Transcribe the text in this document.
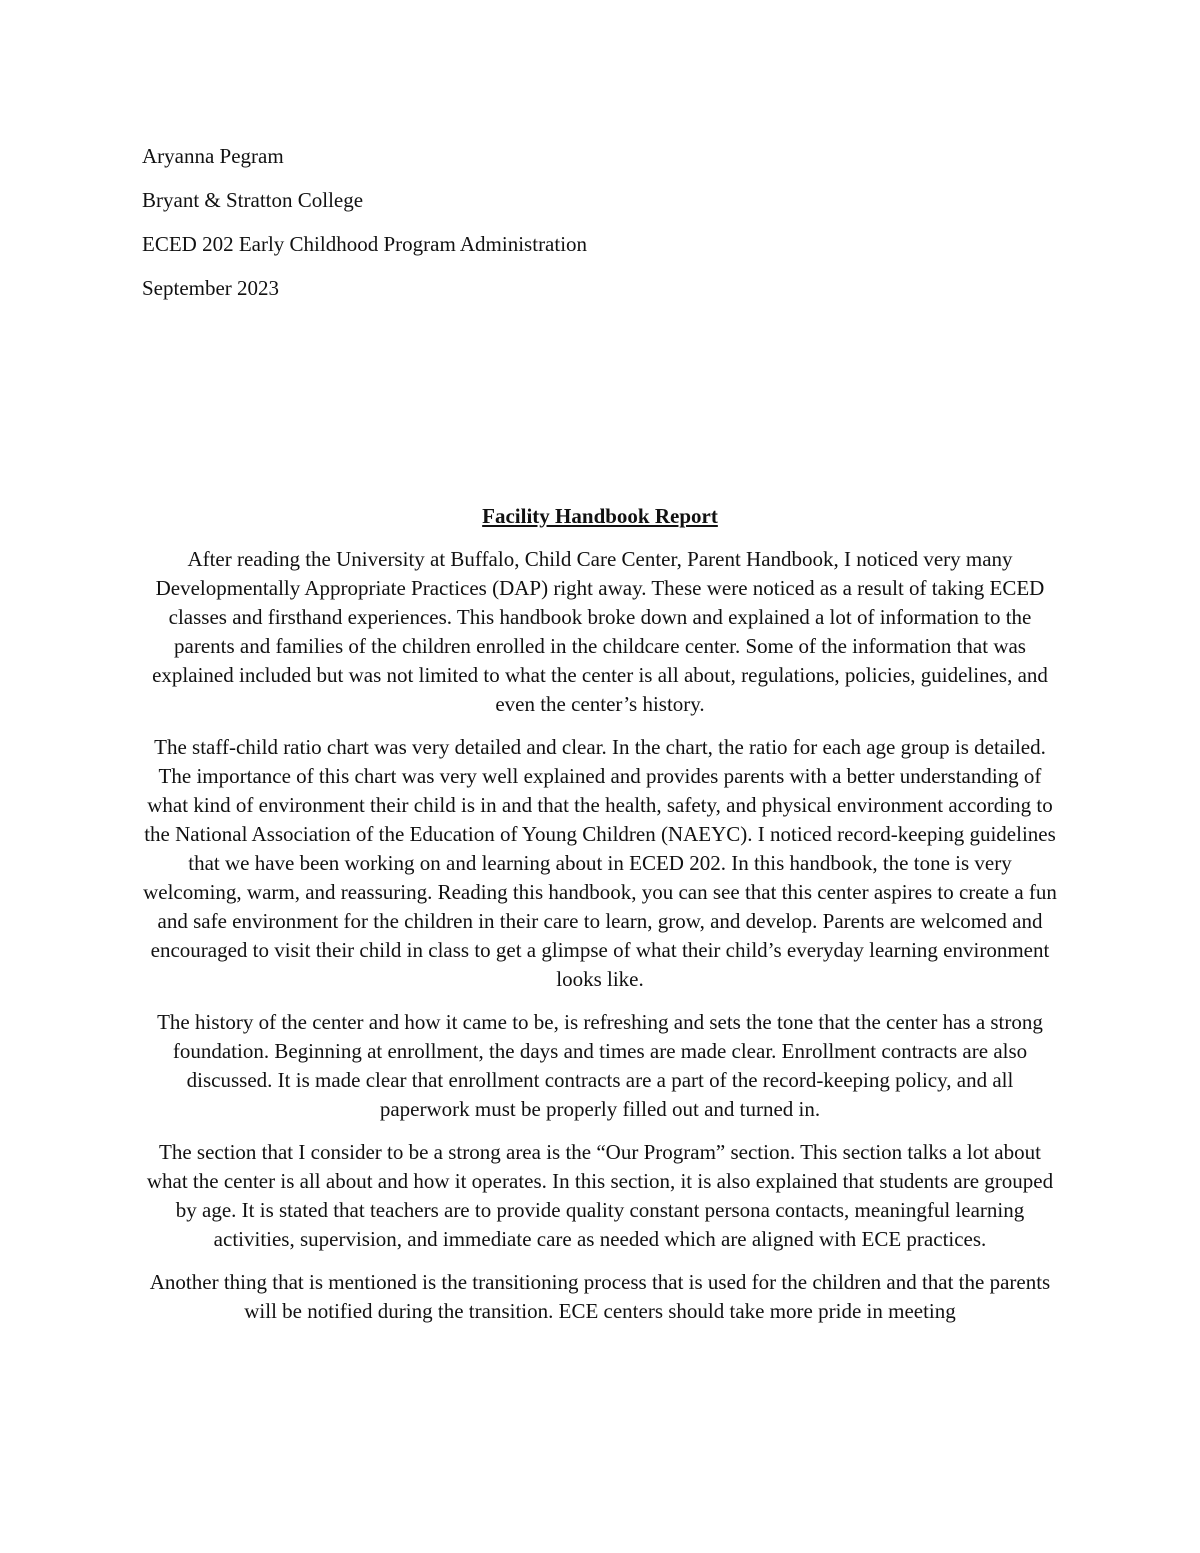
Aryanna Pegram
Bryant & Stratton College
ECED 202 Early Childhood Program Administration
September 2023

Facility Handbook Report

After reading the University at Buffalo, Child Care Center, Parent Handbook, I noticed very many Developmentally Appropriate Practices (DAP) right away. These were noticed as a result of taking ECED classes and firsthand experiences. This handbook broke down and explained a lot of information to the parents and families of the children enrolled in the childcare center. Some of the information that was explained included but was not limited to what the center is all about, regulations, policies, guidelines, and even the center’s history.

The staff-child ratio chart was very detailed and clear. In the chart, the ratio for each age group is detailed. The importance of this chart was very well explained and provides parents with a better understanding of what kind of environment their child is in and that the health, safety, and physical environment according to the National Association of the Education of Young Children (NAEYC). I noticed record-keeping guidelines that we have been working on and learning about in ECED 202. In this handbook, the tone is very welcoming, warm, and reassuring. Reading this handbook, you can see that this center aspires to create a fun and safe environment for the children in their care to learn, grow, and develop. Parents are welcomed and encouraged to visit their child in class to get a glimpse of what their child’s everyday learning environment looks like.

The history of the center and how it came to be, is refreshing and sets the tone that the center has a strong foundation. Beginning at enrollment, the days and times are made clear. Enrollment contracts are also discussed. It is made clear that enrollment contracts are a part of the record-keeping policy, and all paperwork must be properly filled out and turned in.

The section that I consider to be a strong area is the “Our Program” section. This section talks a lot about what the center is all about and how it operates. In this section, it is also explained that students are grouped by age. It is stated that teachers are to provide quality constant persona contacts, meaningful learning activities, supervision, and immediate care as needed which are aligned with ECE practices.

Another thing that is mentioned is the transitioning process that is used for the children and that the parents will be notified during the transition. ECE centers should take more pride in meeting
